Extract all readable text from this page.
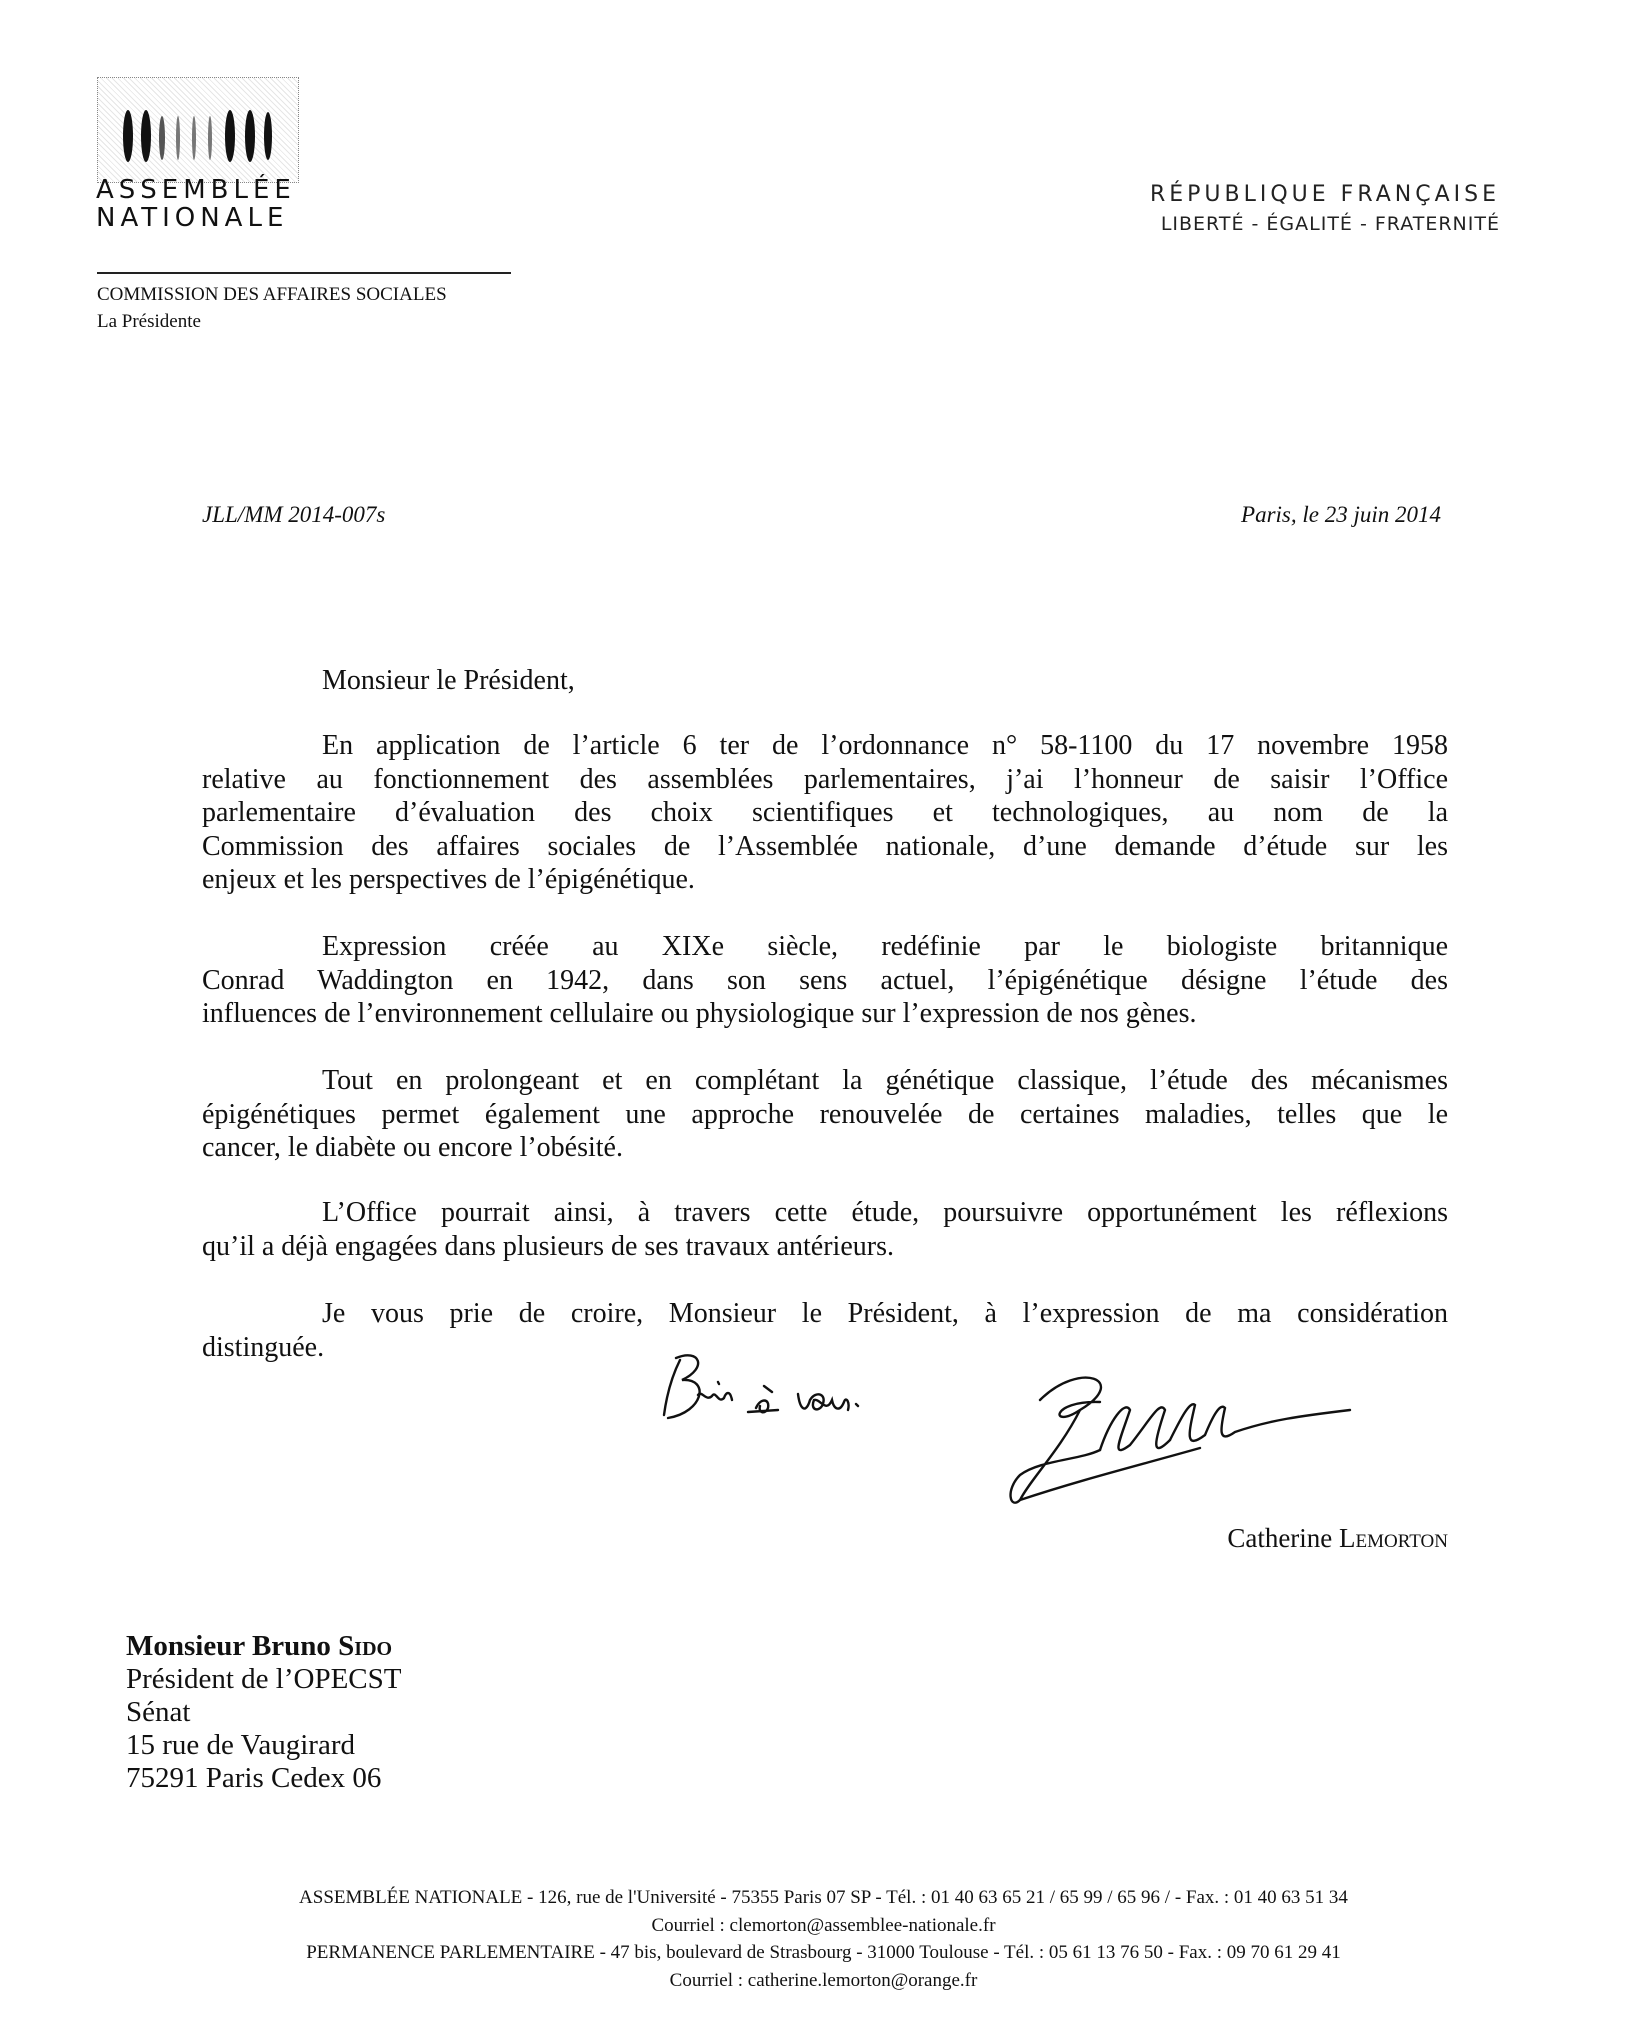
ASSEMBLÉE
NATIONALE
COMMISSION DES AFFAIRES SOCIALES
La Présidente
RÉPUBLIQUE FRANÇAISE
LIBERTÉ - ÉGALITÉ - FRATERNITÉ
JLL/MM 2014-007s	Paris, le 23 juin 2014
Monsieur le Président,
En application de l’article 6 ter de l’ordonnance n° 58-1100 du 17 novembre 1958
relative au fonctionnement des assemblées parlementaires, j’ai l’honneur de saisir l’Office
parlementaire d’évaluation des choix scientifiques et technologiques, au nom de la
Commission des affaires sociales de l’Assemblée nationale, d’une demande d’étude sur les
enjeux et les perspectives de l’épigénétique.
Expression créée au XIXe siècle, redéfinie par le biologiste britannique
Conrad Waddington en 1942, dans son sens actuel, l’épigénétique désigne l’étude des
influences de l’environnement cellulaire ou physiologique sur l’expression de nos gènes.
Tout en prolongeant et en complétant la génétique classique, l’étude des mécanismes
épigénétiques permet également une approche renouvelée de certaines maladies, telles que le
cancer, le diabète ou encore l’obésité.
L’Office pourrait ainsi, à travers cette étude, poursuivre opportunément les réflexions
qu’il a déjà engagées dans plusieurs de ses travaux antérieurs.
Je vous prie de croire, Monsieur le Président, à l’expression de ma considération
distinguée.
Catherine Lemorton
Monsieur Bruno Sido
Président de l’OPECST
Sénat
15 rue de Vaugirard
75291 Paris Cedex 06
ASSEMBLÉE NATIONALE - 126, rue de l'Université - 75355 Paris 07 SP - Tél. : 01 40 63 65 21 / 65 99 / 65 96 / - Fax. : 01 40 63 51 34
Courriel : clemorton@assemblee-nationale.fr
PERMANENCE PARLEMENTAIRE - 47 bis, boulevard de Strasbourg - 31000 Toulouse - Tél. : 05 61 13 76 50 - Fax. : 09 70 61 29 41
Courriel : catherine.lemorton@orange.fr
